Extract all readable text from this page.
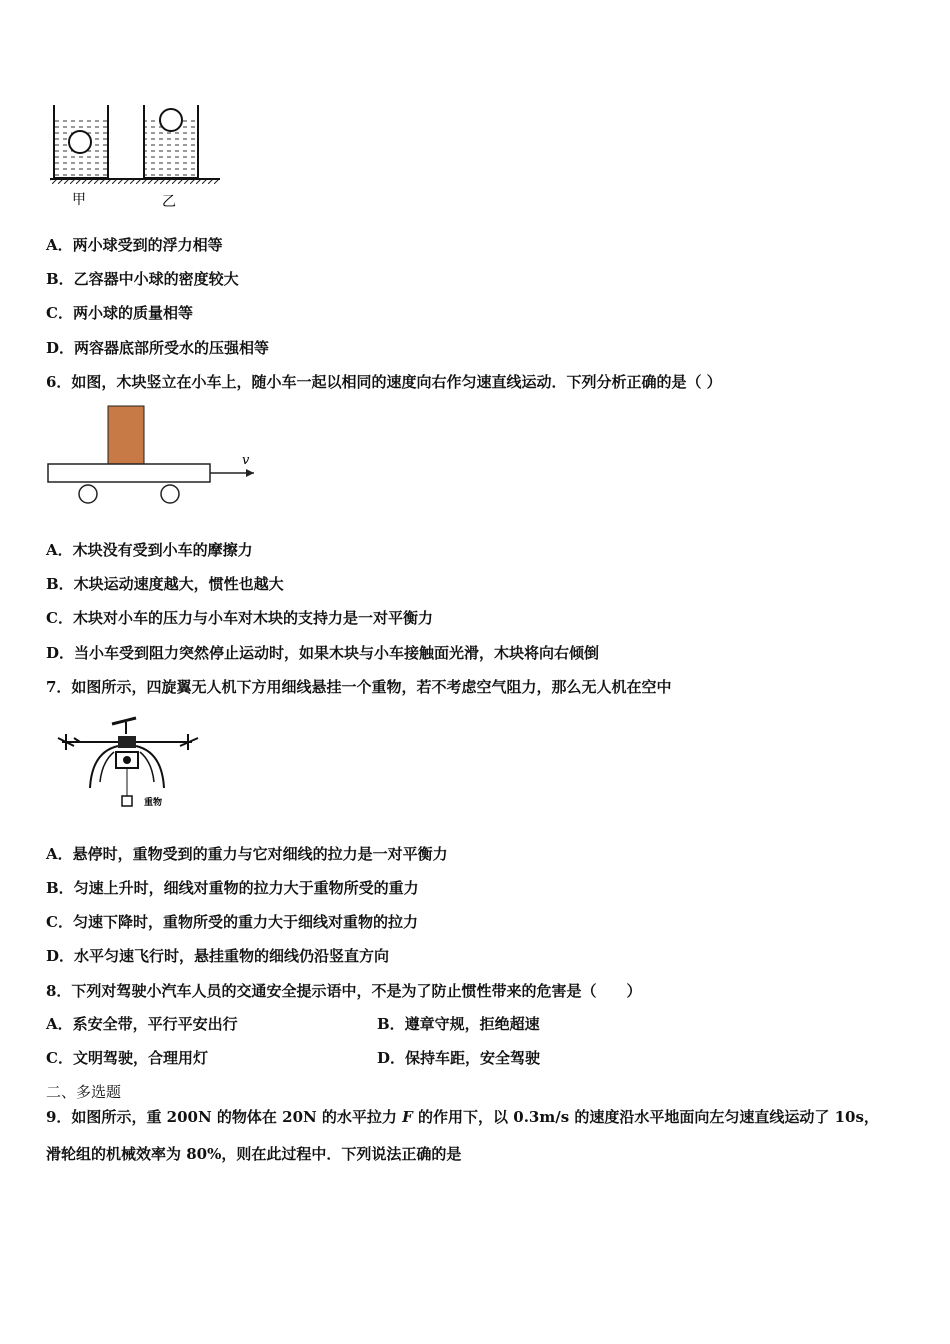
甲	乙
A．两小球受到的浮力相等
B．乙容器中小球的密度较大
C．两小球的质量相等
D．两容器底部所受水的压强相等
6．如图，木块竖立在小车上，随小车一起以相同的速度向右作匀速直线运动．下列分析正确的是（ ）
v
A．木块没有受到小车的摩擦力
B．木块运动速度越大，惯性也越大
C．木块对小车的压力与小车对木块的支持力是一对平衡力
D．当小车受到阻力突然停止运动时，如果木块与小车接触面光滑，木块将向右倾倒
7．如图所示，四旋翼无人机下方用细线悬挂一个重物，若不考虑空气阻力，那么无人机在空中
重物
A．悬停时，重物受到的重力与它对细线的拉力是一对平衡力
B．匀速上升时，细线对重物的拉力大于重物所受的重力
C．匀速下降时，重物所受的重力大于细线对重物的拉力
D．水平匀速飞行时，悬挂重物的细线仍沿竖直方向
8．下列对驾驶小汽车人员的交通安全提示语中，不是为了防止惯性带来的危害是（　　）
A．系安全带，平行平安出行	B．遵章守规，拒绝超速
C．文明驾驶，合理用灯	D．保持车距，安全驾驶
二、多选题
9．如图所示，重 200N 的物体在 20N 的水平拉力 F 的作用下，以 0.3m/s 的速度沿水平地面向左匀速直线运动了 10s，
滑轮组的机械效率为 80%，则在此过程中．下列说法正确的是
